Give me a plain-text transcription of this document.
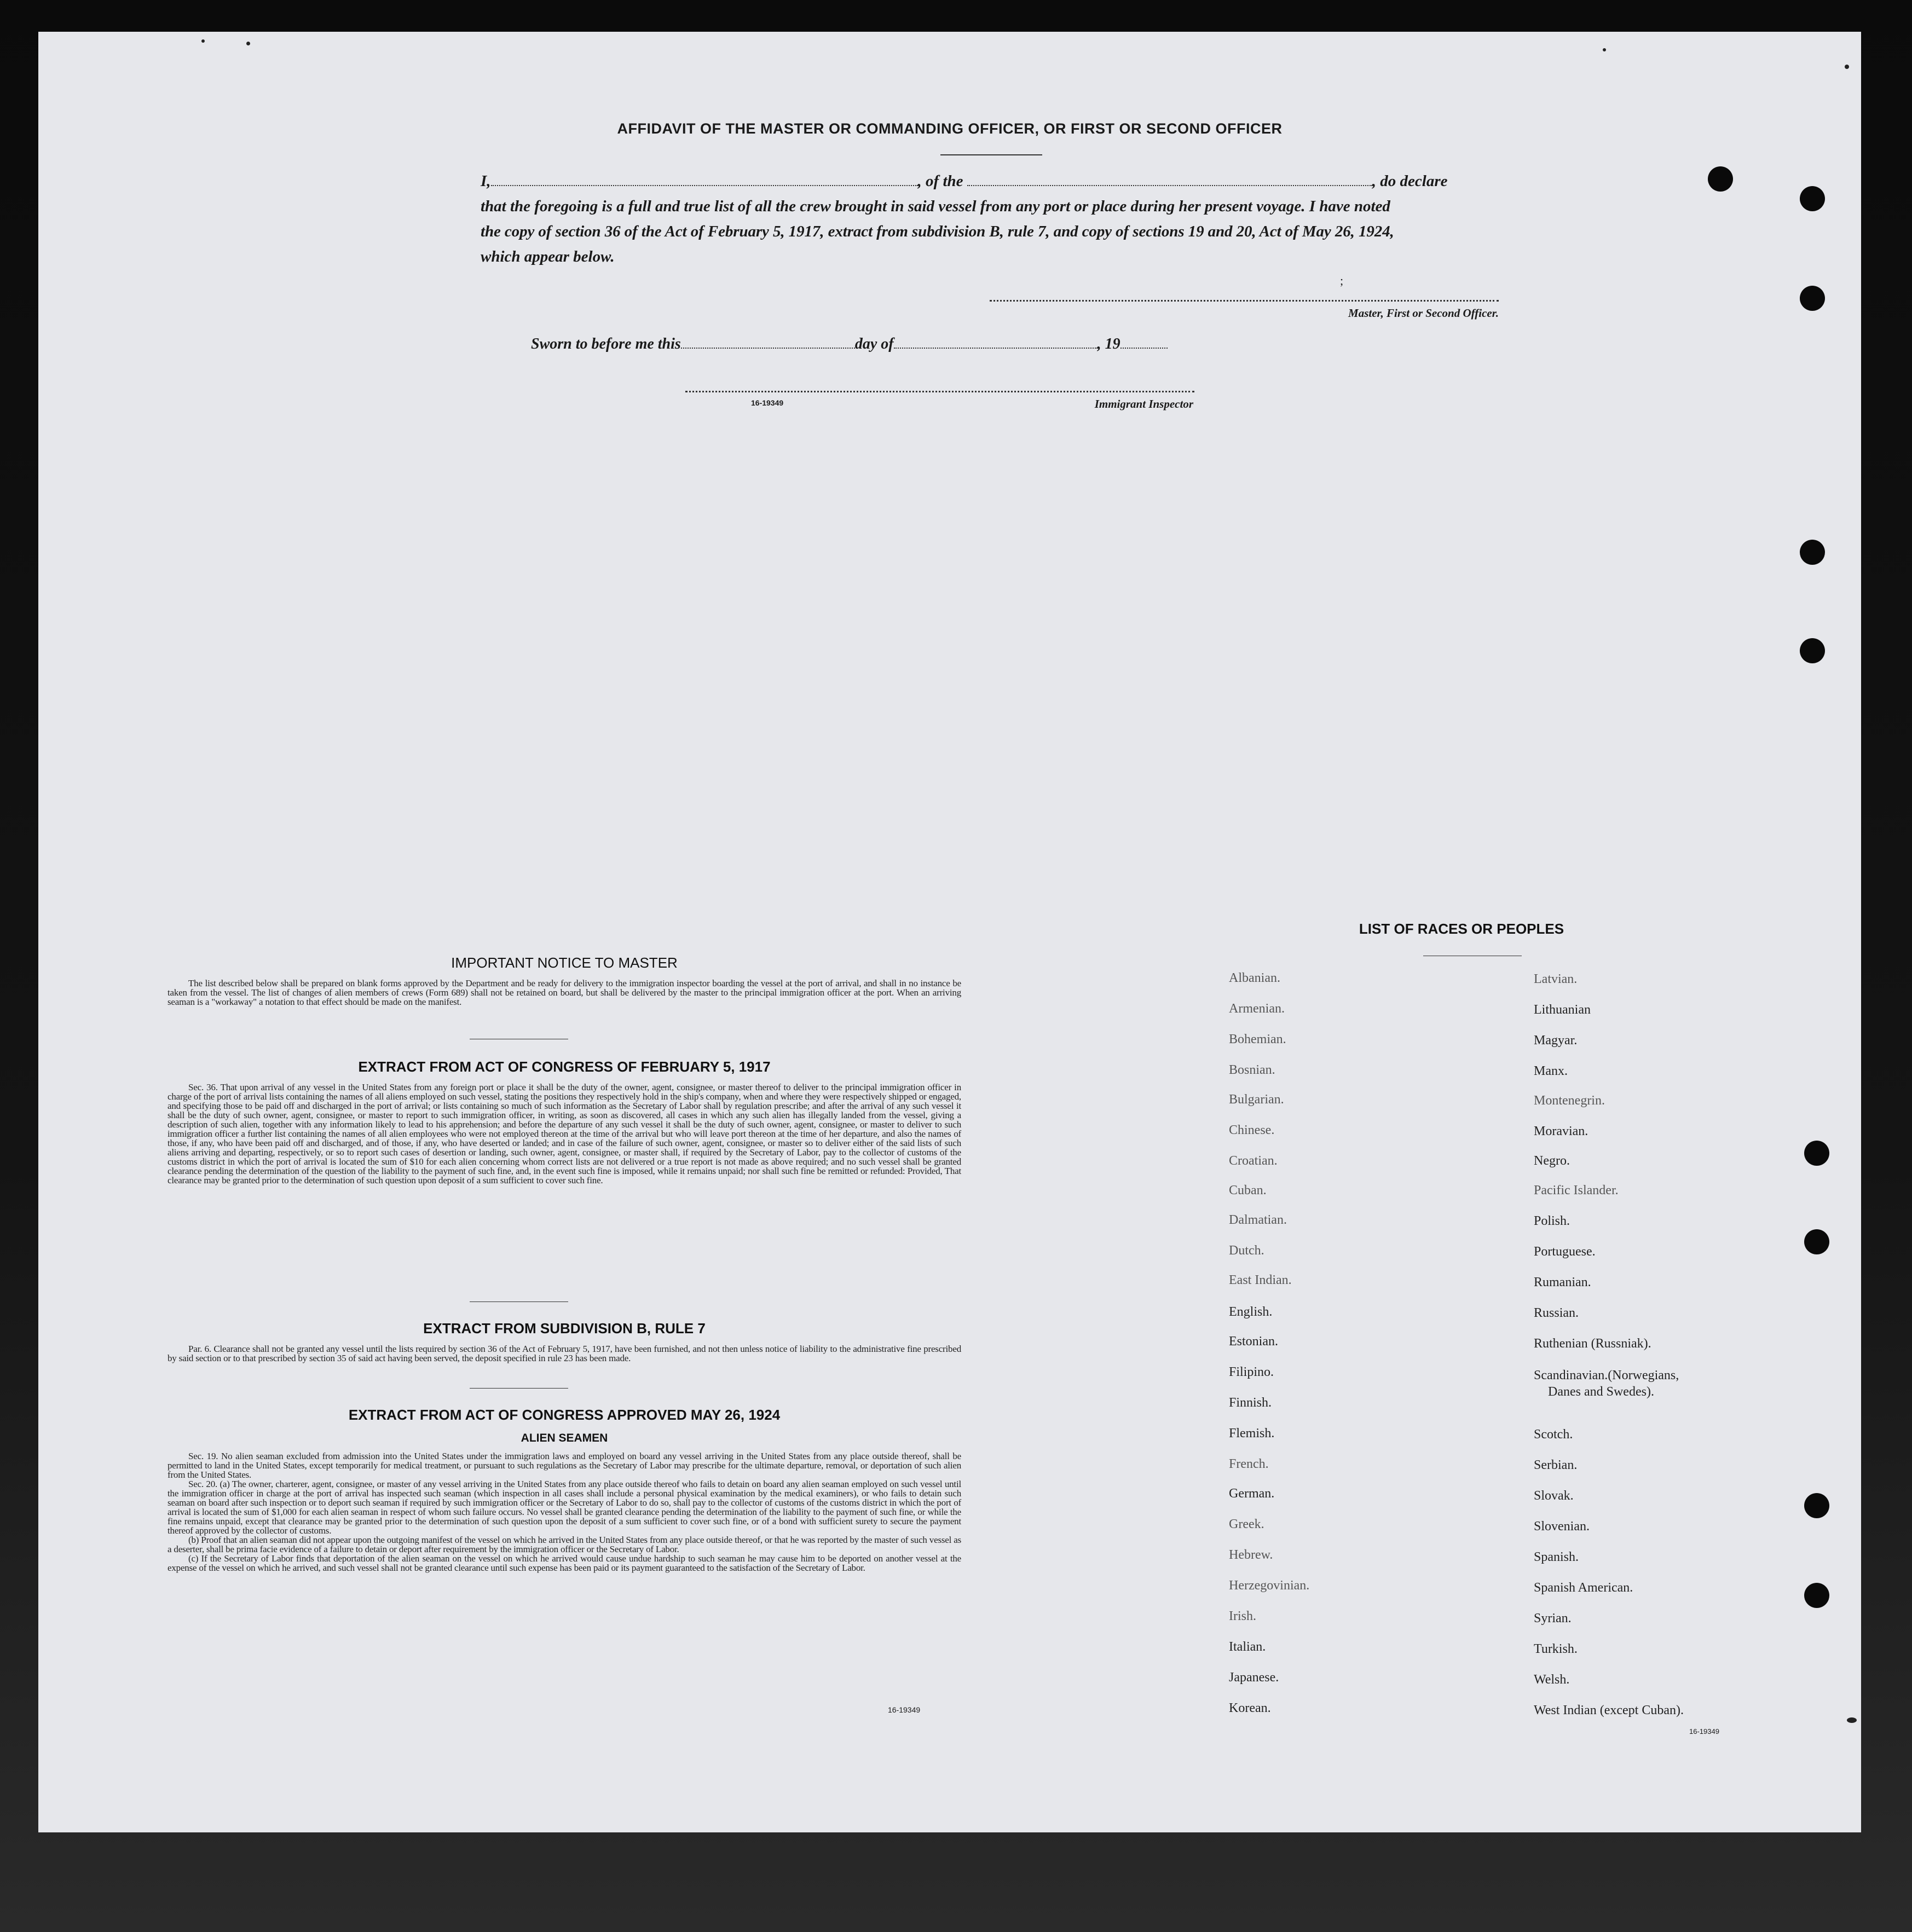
AFFIDAVIT OF THE MASTER OR COMMANDING OFFICER, OR FIRST OR SECOND OFFICER
I,	, of the	, do declare
that the foregoing is a full and true list of all the crew brought in said vessel from any port or place during her present voyage. I have noted
the copy of section 36 of the Act of February 5, 1917, extract from subdivision B, rule 7, and copy of sections 19 and 20, Act of May 26, 1924,
which appear below.
;
Master, First or Second Officer.
Sworn to before me this	day of	, 19
16-19349	Immigrant Inspector
IMPORTANT NOTICE TO MASTER

The list described below shall be prepared on blank forms approved by the Department and be ready for delivery to the immigration inspector boarding the vessel at the port of arrival, and shall in no instance be taken from the vessel. The list of changes of alien members of crews (Form 689) shall not be retained on board, but shall be delivered by the master to the principal immigration officer at the port. When an arriving seaman is a "workaway" a notation to that effect should be made on the manifest.

EXTRACT FROM ACT OF CONGRESS OF FEBRUARY 5, 1917

Sec. 36. That upon arrival of any vessel in the United States from any foreign port or place it shall be the duty of the owner, agent, consignee, or master thereof to deliver to the principal immigration officer in charge of the port of arrival lists containing the names of all aliens employed on such vessel, stating the positions they respectively hold in the ship's company, when and where they were respectively shipped or engaged, and specifying those to be paid off and discharged in the port of arrival; or lists containing so much of such information as the Secretary of Labor shall by regulation prescribe; and after the arrival of any such vessel it shall be the duty of such owner, agent, consignee, or master to report to such immigration officer, in writing, as soon as discovered, all cases in which any such alien has illegally landed from the vessel, giving a description of such alien, together with any information likely to lead to his apprehension; and before the departure of any such vessel it shall be the duty of such owner, agent, consignee, or master to deliver to such immigration officer a further list containing the names of all alien employees who were not employed thereon at the time of the arrival but who will leave port thereon at the time of her departure, and also the names of those, if any, who have been paid off and discharged, and of those, if any, who have deserted or landed; and in case of the failure of such owner, agent, consignee, or master so to deliver either of the said lists of such aliens arriving and departing, respectively, or so to report such cases of desertion or landing, such owner, agent, consignee, or master shall, if required by the Secretary of Labor, pay to the collector of customs of the customs district in which the port of arrival is located the sum of $10 for each alien concerning whom correct lists are not delivered or a true report is not made as above required; and no such vessel shall be granted clearance pending the determination of the question of the liability to the payment of such fine, and, in the event such fine is imposed, while it remains unpaid; nor shall such fine be remitted or refunded: Provided, That clearance may be granted prior to the determination of such question upon deposit of a sum sufficient to cover such fine.

EXTRACT FROM SUBDIVISION B, RULE 7

Par. 6. Clearance shall not be granted any vessel until the lists required by section 36 of the Act of February 5, 1917, have been furnished, and not then unless notice of liability to the administrative fine prescribed by said section or to that prescribed by section 35 of said act having been served, the deposit specified in rule 23 has been made.

EXTRACT FROM ACT OF CONGRESS APPROVED MAY 26, 1924
ALIEN SEAMEN

Sec. 19. No alien seaman excluded from admission into the United States under the immigration laws and employed on board any vessel arriving in the United States from any place outside thereof, shall be permitted to land in the United States, except temporarily for medical treatment, or pursuant to such regulations as the Secretary of Labor may prescribe for the ultimate departure, removal, or deportation of such alien from the United States.

Sec. 20. (a) The owner, charterer, agent, consignee, or master of any vessel arriving in the United States from any place outside thereof who fails to detain on board any alien seaman employed on such vessel until the immigration officer in charge at the port of arrival has inspected such seaman (which inspection in all cases shall include a personal physical examination by the medical examiners), or who fails to detain such seaman on board after such inspection or to deport such seaman if required by such immigration officer or the Secretary of Labor to do so, shall pay to the collector of customs of the customs district in which the port of arrival is located the sum of $1,000 for each alien seaman in respect of whom such failure occurs. No vessel shall be granted clearance pending the determination of the liability to the payment of such fine, or while the fine remains unpaid, except that clearance may be granted prior to the determination of such question upon the deposit of a sum sufficient to cover such fine, or of a bond with sufficient surety to secure the payment thereof approved by the collector of customs.

(b) Proof that an alien seaman did not appear upon the outgoing manifest of the vessel on which he arrived in the United States from any place outside thereof, or that he was reported by the master of such vessel as a deserter, shall be prima facie evidence of a failure to detain or deport after requirement by the immigration officer or the Secretary of Labor.

(c) If the Secretary of Labor finds that deportation of the alien seaman on the vessel on which he arrived would cause undue hardship to such seaman he may cause him to be deported on another vessel at the expense of the vessel on which he arrived, and such vessel shall not be granted clearance until such expense has been paid or its payment guaranteed to the satisfaction of the Secretary of Labor.

16-19349
LIST OF RACES OR PEOPLES
Albanian.
Armenian.
Bohemian.
Bosnian.
Bulgarian.
Chinese.
Croatian.
Cuban.
Dalmatian.
Dutch.
East Indian.
English.
Estonian.
Filipino.
Finnish.
Flemish.
French.
German.
Greek.
Hebrew.
Herzegovinian.
Irish.
Italian.
Japanese.
Korean.
Latvian.
Lithuanian
Magyar.
Manx.
Montenegrin.
Moravian.
Negro.
Pacific Islander.
Polish.
Portuguese.
Rumanian.
Russian.
Ruthenian (Russniak).
Scandinavian.(Norwegians,
Danes and Swedes).
Scotch.
Serbian.
Slovak.
Slovenian.
Spanish.
Spanish American.
Syrian.
Turkish.
Welsh.
West Indian (except Cuban).
16-19349
